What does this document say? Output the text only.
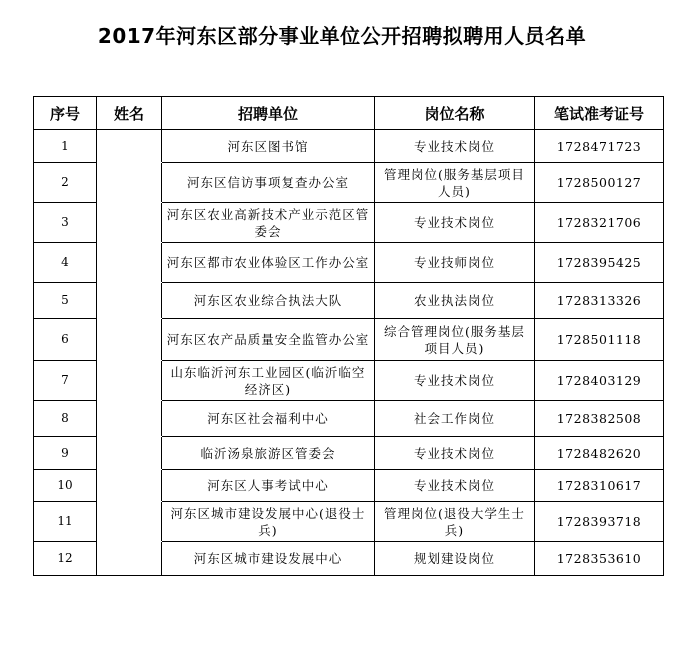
2017年河东区部分事业单位公开招聘拟聘用人员名单
序号	姓名	招聘单位	岗位名称	笔试准考证号
1		河东区图书馆	专业技术岗位	1728471723
2		河东区信访事项复查办公室	管理岗位(服务基层项目人员)	1728500127
3		河东区农业高新技术产业示范区管委会	专业技术岗位	1728321706
4		河东区都市农业体验区工作办公室	专业技师岗位	1728395425
5		河东区农业综合执法大队	农业执法岗位	1728313326
6		河东区农产品质量安全监管办公室	综合管理岗位(服务基层项目人员)	1728501118
7		山东临沂河东工业园区(临沂临空经济区)	专业技术岗位	1728403129
8		河东区社会福利中心	社会工作岗位	1728382508
9		临沂汤泉旅游区管委会	专业技术岗位	1728482620
10		河东区人事考试中心	专业技术岗位	1728310617
11		河东区城市建设发展中心(退役士兵)	管理岗位(退役大学生士兵)	1728393718
12		河东区城市建设发展中心	规划建设岗位	1728353610
